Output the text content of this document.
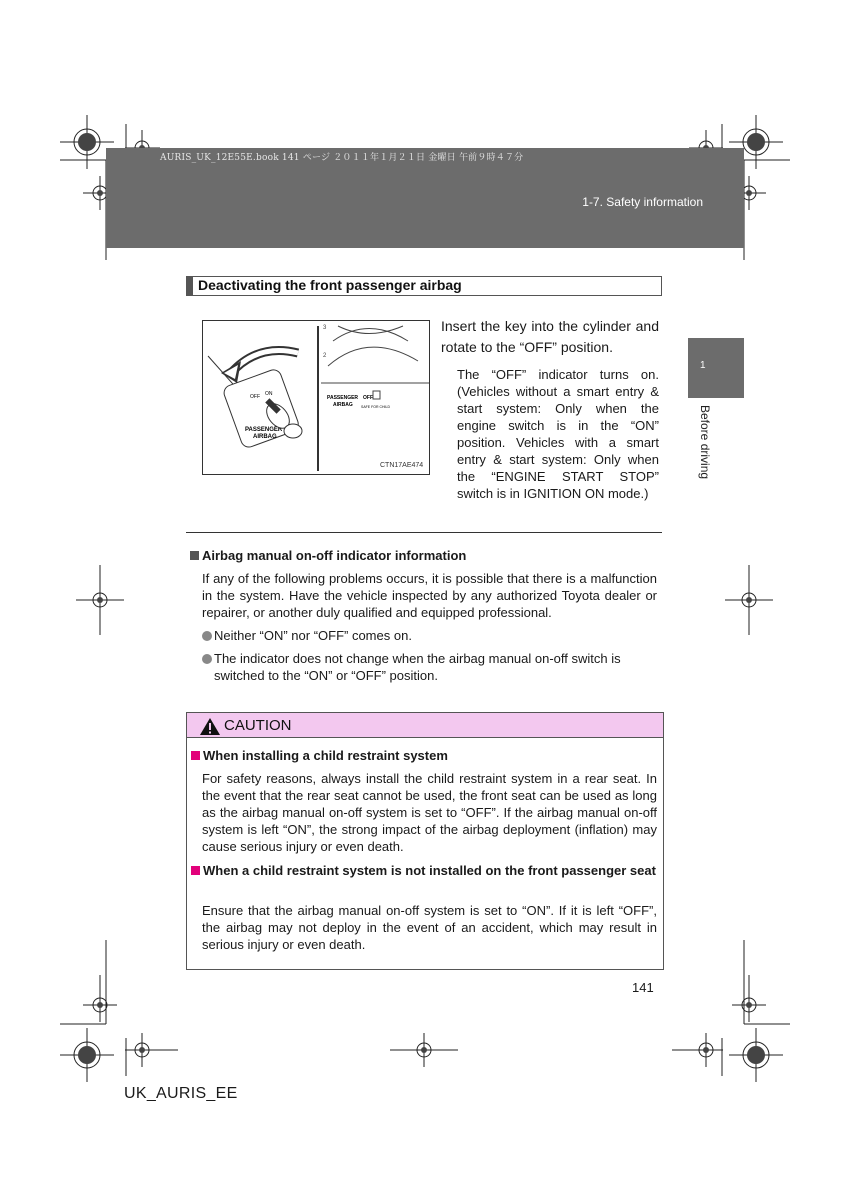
AURIS_UK_12E55E.book 141 ページ ２０１１年１月２１日 金曜日 午前９時４７分
1-7. Safety information
1
Before driving
Deactivating the front passenger airbag
OFF ON
PASSENGER
AIRBAG
2
3
PASSENGER
AIRBAG
OFF
SAFE FOR CHILD
CTN17AE474
Insert the key into the cylinder and rotate to the “OFF” position.
The “OFF” indicator turns on. (Vehicles without a smart entry & start system: Only when the engine switch is in the “ON” position. Vehicles with a smart entry & start system: Only when the “ENGINE START STOP” switch is in IGNITION ON mode.)
Airbag manual on-off indicator information
If any of the following problems occurs, it is possible that there is a malfunction in the system. Have the vehicle inspected by any authorized Toyota dealer or repairer, or another duly qualified and equipped professional.
Neither “ON” nor “OFF” comes on.
The indicator does not change when the airbag manual on-off switch is switched to the “ON” or “OFF” position.
CAUTION
When installing a child restraint system
For safety reasons, always install the child restraint system in a rear seat. In the event that the rear seat cannot be used, the front seat can be used as long as the airbag manual on-off system is set to “OFF”. If the airbag manual on-off system is left “ON”, the strong impact of the airbag deployment (inflation) may cause serious injury or even death.
When a child restraint system is not installed on the front passenger seat
Ensure that the airbag manual on-off system is set to “ON”. If it is left “OFF”, the airbag may not deploy in the event of an accident, which may result in serious injury or even death.
141
UK_AURIS_EE
